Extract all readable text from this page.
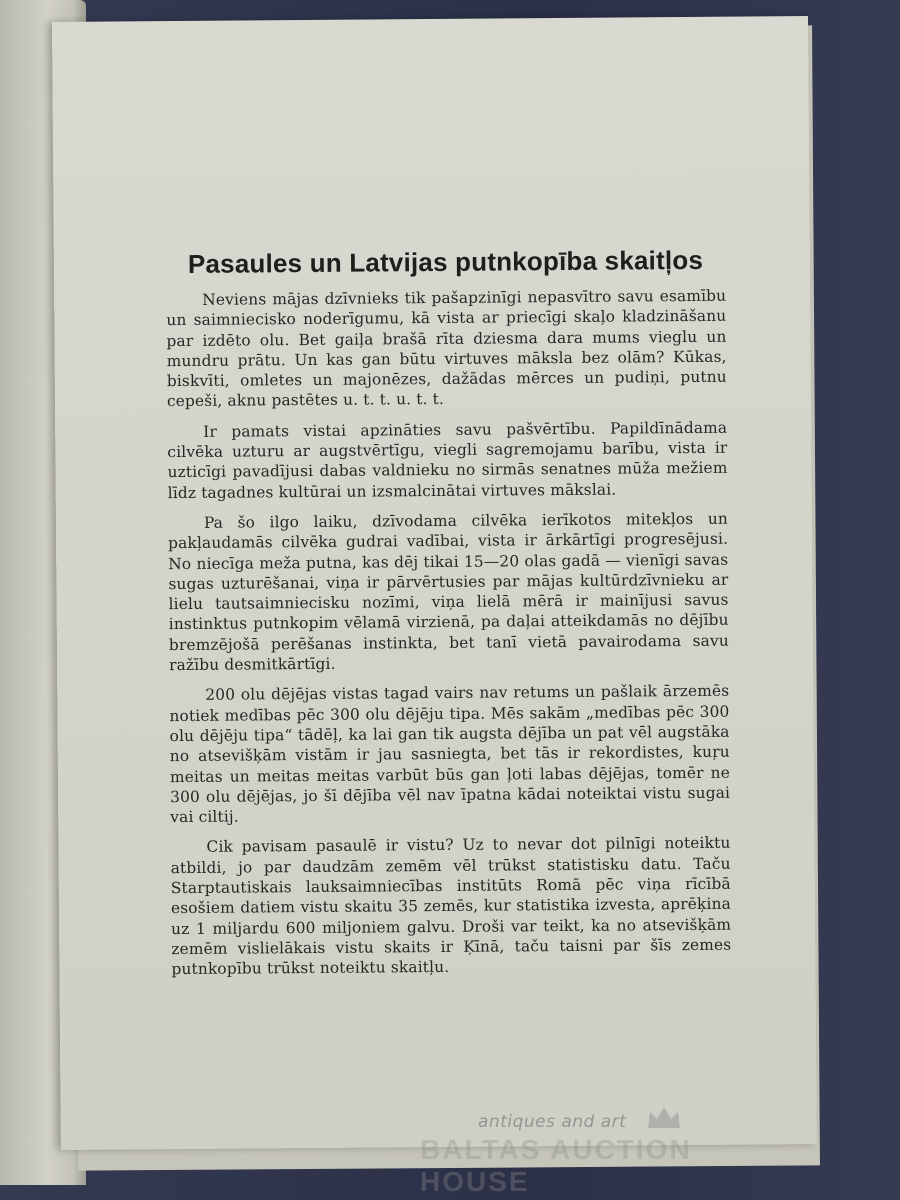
Pasaules un Latvijas putnkopība skaitļos

Neviens mājas dzīvnieks tik pašapzinīgi nepasvītro savu esamību un saimniecisko noderīgumu, kā vista ar priecīgi skaļo kladzināšanu par izdēto olu. Bet gaiļa brašā rīta dziesma dara mums vieglu un mundru prātu. Un kas gan būtu virtuves māksla bez olām? Kūkas, biskvīti, omletes un majonēzes, dažādas mērces un pudiņi, putnu cepeši, aknu pastētes u. t. t. u. t. t.

Ir pamats vistai apzināties savu pašvērtību. Papildīnādama cilvēka uzturu ar augstvērtīgu, viegli sagremojamu barību, vista ir uzticīgi pavadījusi dabas valdnieku no sirmās senatnes mūža mežiem līdz tagadnes kultūrai un izsmalcinātai virtuves mākslai.

Pa šo ilgo laiku, dzīvodama cilvēka ierīkotos mitekļos un pakļaudamās cilvēka gudrai vadībai, vista ir ārkārtīgi progresējusi. No niecīga meža putna, kas dēj tikai 15—20 olas gadā — vienīgi savas sugas uzturēšanai, viņa ir pārvērtusies par mājas kultūrdzīvnieku ar lielu tautsaimniecisku nozīmi, viņa lielā mērā ir mainījusi savus instinktus putnkopim vēlamā virzienā, pa daļai atteikdamās no dējību bremzējošā perēšanas instinkta, bet tanī vietā pavairodama savu ražību desmitkārtīgi.

200 olu dējējas vistas tagad vairs nav retums un pašlaik ārzemēs notiek medības pēc 300 olu dējēju tipa. Mēs sakām „medības pēc 300 olu dējēju tipa“ tādēļ, ka lai gan tik augsta dējība un pat vēl augstāka no atsevišķām vistām ir jau sasniegta, bet tās ir rekordistes, kuŗu meitas un meitas meitas varbūt būs gan ļoti labas dējējas, tomēr ne 300 olu dējējas, jo šī dējība vēl nav īpatna kādai noteiktai vistu sugai vai ciltij.

Cik pavisam pasaulē ir vistu? Uz to nevar dot pilnīgi noteiktu atbildi, jo par daudzām zemēm vēl trūkst statistisku datu. Taču Starptautiskais lauksaimniecības institūts Romā pēc viņa rīcībā esošiem datiem vistu skaitu 35 zemēs, kur statistika izvesta, aprēķina uz 1 miljardu 600 miljoniem galvu. Droši var teikt, ka no atsevišķām zemēm vislielākais vistu skaits ir Ķīnā, taču taisni par šīs zemes putnkopību trūkst noteiktu skaitļu.

antiques and art
BALTAS AUCTION HOUSE
